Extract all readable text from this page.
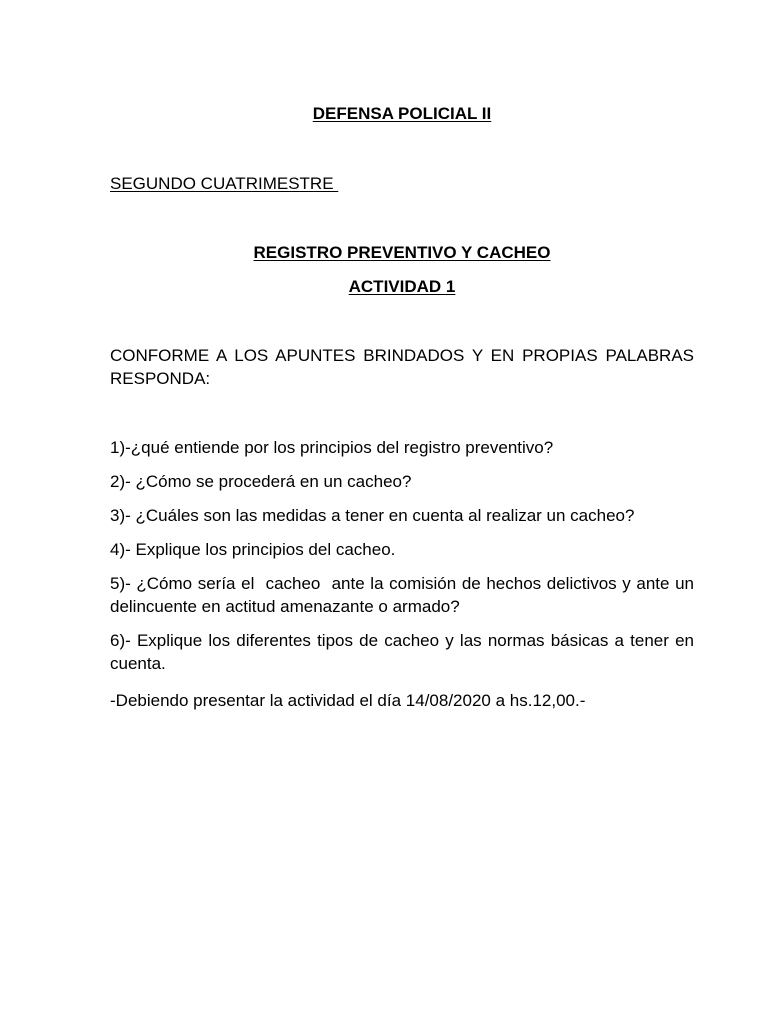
DEFENSA POLICIAL II

SEGUNDO CUATRIMESTRE

REGISTRO PREVENTIVO Y CACHEO

ACTIVIDAD 1

CONFORME A LOS APUNTES BRINDADOS Y EN PROPIAS PALABRAS RESPONDA:

1)-¿qué entiende por los principios del registro preventivo?
2)- ¿Cómo se procederá en un cacheo?
3)- ¿Cuáles son las medidas a tener en cuenta al realizar un cacheo?
4)- Explique los principios del cacheo.
5)- ¿Cómo sería el  cacheo  ante la comisión de hechos delictivos y ante un delincuente en actitud amenazante o armado?
6)- Explique los diferentes tipos de cacheo y las normas básicas a tener en cuenta.

-Debiendo presentar la actividad el día 14/08/2020 a hs.12,00.-
